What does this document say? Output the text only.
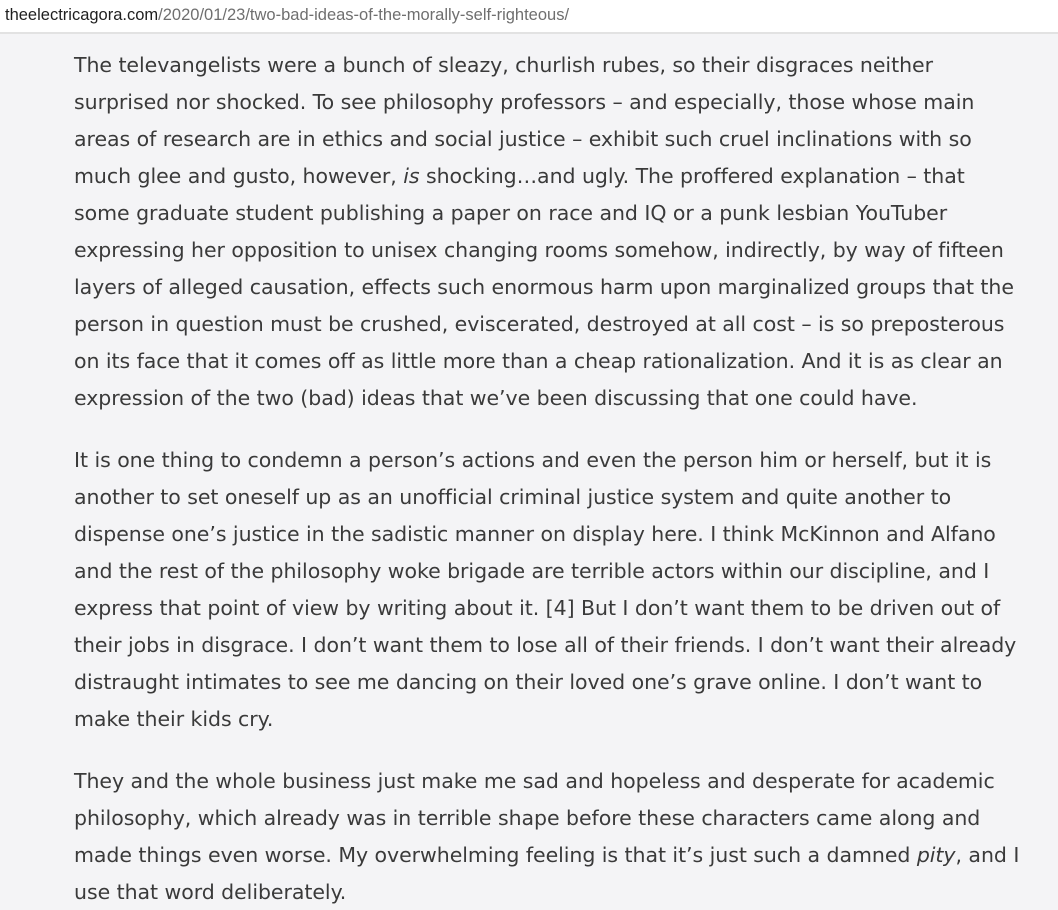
theelectricagora.com/2020/01/23/two-bad-ideas-of-the-morally-self-righteous/

The televangelists were a bunch of sleazy, churlish rubes, so their disgraces neither
surprised nor shocked. To see philosophy professors – and especially, those whose main
areas of research are in ethics and social justice – exhibit such cruel inclinations with so
much glee and gusto, however, is shocking…and ugly. The proffered explanation – that
some graduate student publishing a paper on race and IQ or a punk lesbian YouTuber
expressing her opposition to unisex changing rooms somehow, indirectly, by way of fifteen
layers of alleged causation, effects such enormous harm upon marginalized groups that the
person in question must be crushed, eviscerated, destroyed at all cost – is so preposterous
on its face that it comes off as little more than a cheap rationalization. And it is as clear an
expression of the two (bad) ideas that we’ve been discussing that one could have.

It is one thing to condemn a person’s actions and even the person him or herself, but it is
another to set oneself up as an unofficial criminal justice system and quite another to
dispense one’s justice in the sadistic manner on display here. I think McKinnon and Alfano
and the rest of the philosophy woke brigade are terrible actors within our discipline, and I
express that point of view by writing about it. [4] But I don’t want them to be driven out of
their jobs in disgrace. I don’t want them to lose all of their friends. I don’t want their already
distraught intimates to see me dancing on their loved one’s grave online. I don’t want to
make their kids cry.

They and the whole business just make me sad and hopeless and desperate for academic
philosophy, which already was in terrible shape before these characters came along and
made things even worse. My overwhelming feeling is that it’s just such a damned pity, and I
use that word deliberately.
